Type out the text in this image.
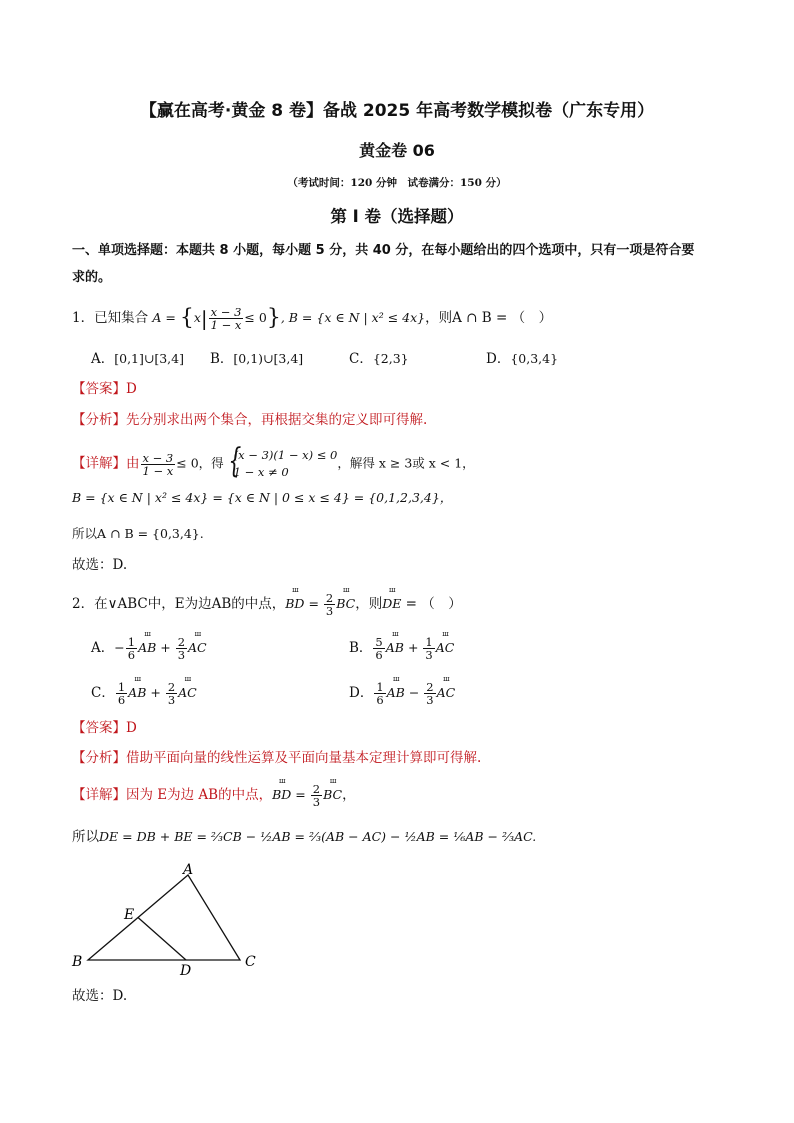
【赢在高考·黄金 8 卷】备战 2025 年高考数学模拟卷（广东专用）
黄金卷 06
（考试时间：120 分钟　试卷满分：150 分）
第 I 卷（选择题）
一、单项选择题：本题共 8 小题，每小题 5 分，共 40 分，在每小题给出的四个选项中，只有一项是符合要
求的。
1．已知集合 $A = \{x| \frac{x - 3}{1 - x} \le 0\}$, B = {x ∈ N | x² ≤ 4x}，则A ∩ B = （　）
A．[0,1]∪[3,4] B．[0,1)∪[3,4]	C．{2,3}	D．{0,3,4}
【答案】D
【分析】先分别求出两个集合，再根据交集的定义即可得解.
【详解】由 $\frac{x - 3}{1 - x} \le 0$，得 {
(x − 3)(1 − x) ≤ 0
1 − x ≠ 0
，解得 x ≥ 3或 x < 1，
B = {x ∈ N | x² ≤ 4x} = {x ∈ N | 0 ≤ x ≤ 4} = {0,1,2,3,4}，
所以A ∩ B = {0,3,4}.
故选：D.
2．在∨ABC中，E为边AB的中点，
ш
BD = $\frac{2}{3}$
ш
BC，则
ш
DE = （　）
A．− $\frac{1}{6}$
ш
AB + $\frac{2}{3}$
ш
AC	B． $\frac{5}{6}$
ш
AB + $\frac{1}{3}$
ш
AC
C． $\frac{1}{6}$
ш
AB + $\frac{2}{3}$
ш
AC	D． $\frac{1}{6}$
ш
AB − $\frac{2}{3}$
ш
AC
【答案】D
【分析】借助平面向量的线性运算及平面向量基本定理计算即可得解.
【详解】因为 E为边 AB的中点，
ш
BD = $\frac{2}{3}$
ш
BC，
所以DE = DB + BE = ⅔CB − ½AB = ⅔(AB − AC) − ½AB = ⅙AB − ⅔AC.
A
E
B
D
C
故选：D.
